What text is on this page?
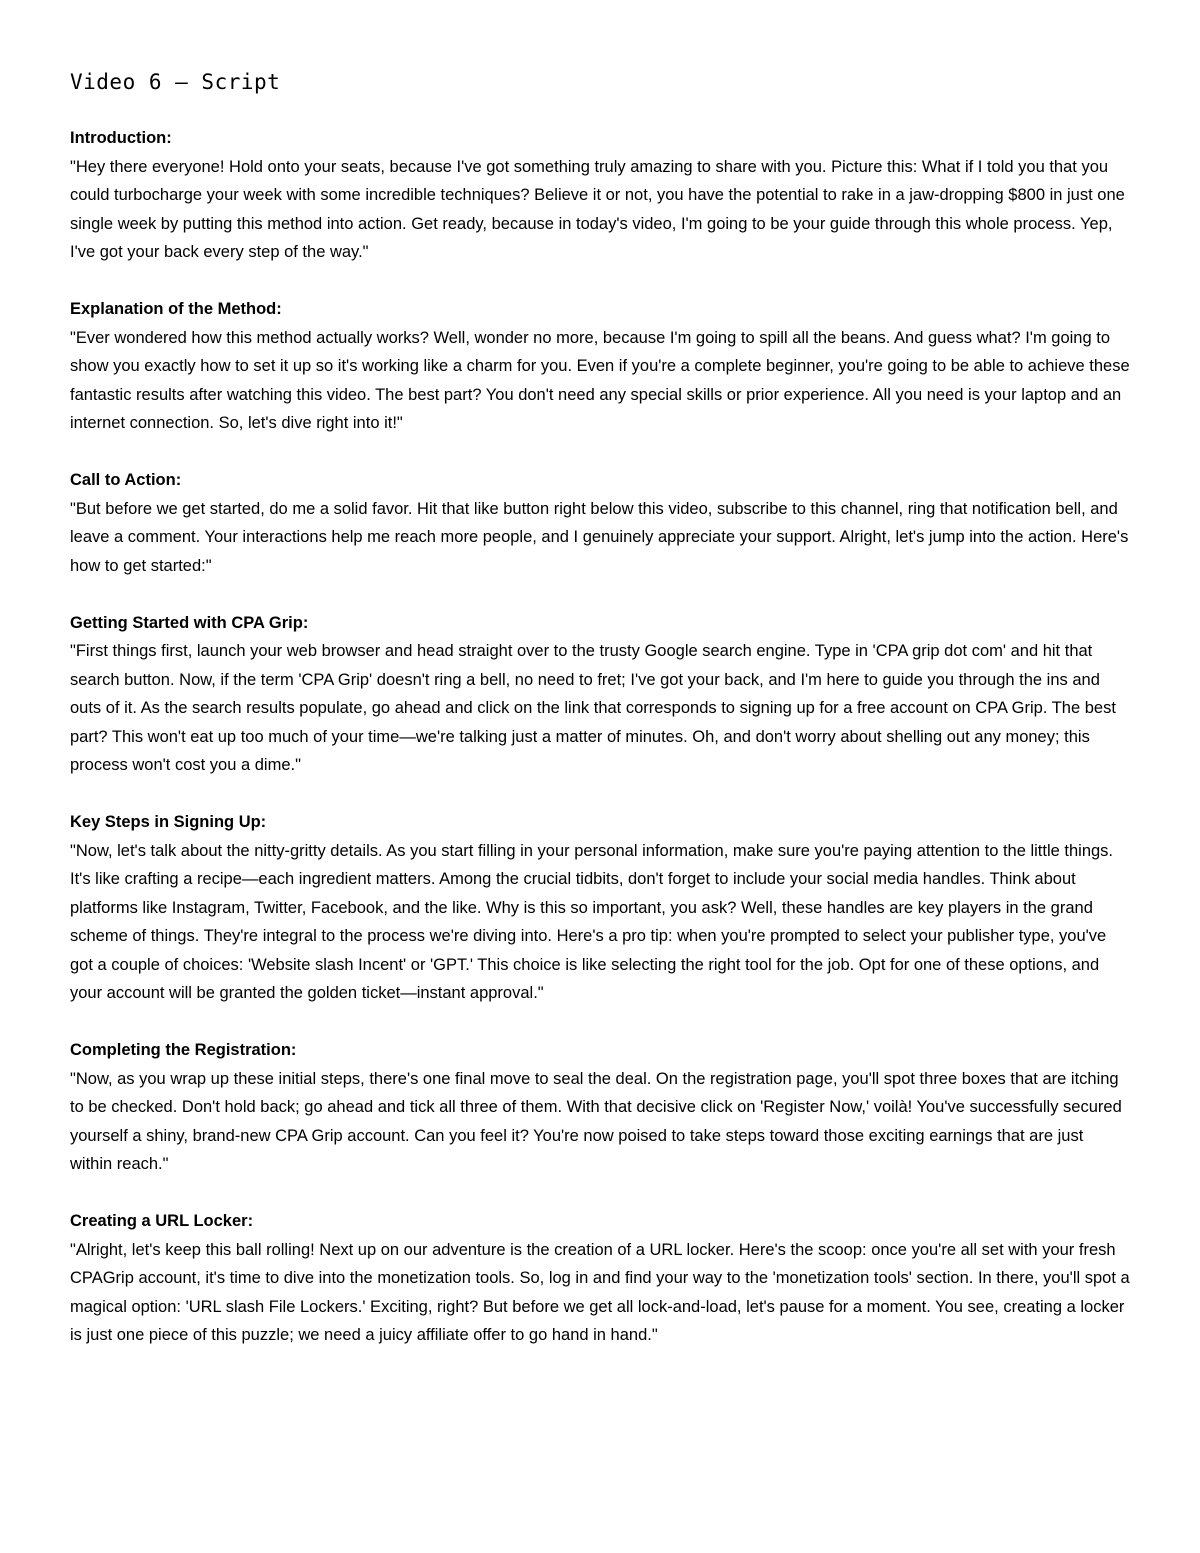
Video 6 – Script

Introduction:

"Hey there everyone! Hold onto your seats, because I've got something truly amazing to share with you. Picture this: What if I told you that you could turbocharge your week with some incredible techniques? Believe it or not, you have the potential to rake in a jaw-dropping $800 in just one single week by putting this method into action. Get ready, because in today's video, I'm going to be your guide through this whole process. Yep, I've got your back every step of the way."

Explanation of the Method:

"Ever wondered how this method actually works? Well, wonder no more, because I'm going to spill all the beans. And guess what? I'm going to show you exactly how to set it up so it's working like a charm for you. Even if you're a complete beginner, you're going to be able to achieve these fantastic results after watching this video. The best part? You don't need any special skills or prior experience. All you need is your laptop and an internet connection. So, let's dive right into it!"

Call to Action:

"But before we get started, do me a solid favor. Hit that like button right below this video, subscribe to this channel, ring that notification bell, and leave a comment. Your interactions help me reach more people, and I genuinely appreciate your support. Alright, let's jump into the action. Here's how to get started:"

Getting Started with CPA Grip:

"First things first, launch your web browser and head straight over to the trusty Google search engine. Type in 'CPA grip dot com' and hit that search button. Now, if the term 'CPA Grip' doesn't ring a bell, no need to fret; I've got your back, and I'm here to guide you through the ins and outs of it. As the search results populate, go ahead and click on the link that corresponds to signing up for a free account on CPA Grip. The best part? This won't eat up too much of your time—we're talking just a matter of minutes. Oh, and don't worry about shelling out any money; this process won't cost you a dime."

Key Steps in Signing Up:

"Now, let's talk about the nitty-gritty details. As you start filling in your personal information, make sure you're paying attention to the little things. It's like crafting a recipe—each ingredient matters. Among the crucial tidbits, don't forget to include your social media handles. Think about platforms like Instagram, Twitter, Facebook, and the like. Why is this so important, you ask? Well, these handles are key players in the grand scheme of things. They're integral to the process we're diving into. Here's a pro tip: when you're prompted to select your publisher type, you've got a couple of choices: 'Website slash Incent' or 'GPT.' This choice is like selecting the right tool for the job. Opt for one of these options, and your account will be granted the golden ticket—instant approval."

Completing the Registration:

"Now, as you wrap up these initial steps, there's one final move to seal the deal. On the registration page, you'll spot three boxes that are itching to be checked. Don't hold back; go ahead and tick all three of them. With that decisive click on 'Register Now,' voilà! You've successfully secured yourself a shiny, brand-new CPA Grip account. Can you feel it? You're now poised to take steps toward those exciting earnings that are just within reach."

Creating a URL Locker:

"Alright, let's keep this ball rolling! Next up on our adventure is the creation of a URL locker. Here's the scoop: once you're all set with your fresh CPAGrip account, it's time to dive into the monetization tools. So, log in and find your way to the 'monetization tools' section. In there, you'll spot a magical option: 'URL slash File Lockers.' Exciting, right? But before we get all lock-and-load, let's pause for a moment. You see, creating a locker is just one piece of this puzzle; we need a juicy affiliate offer to go hand in hand."
